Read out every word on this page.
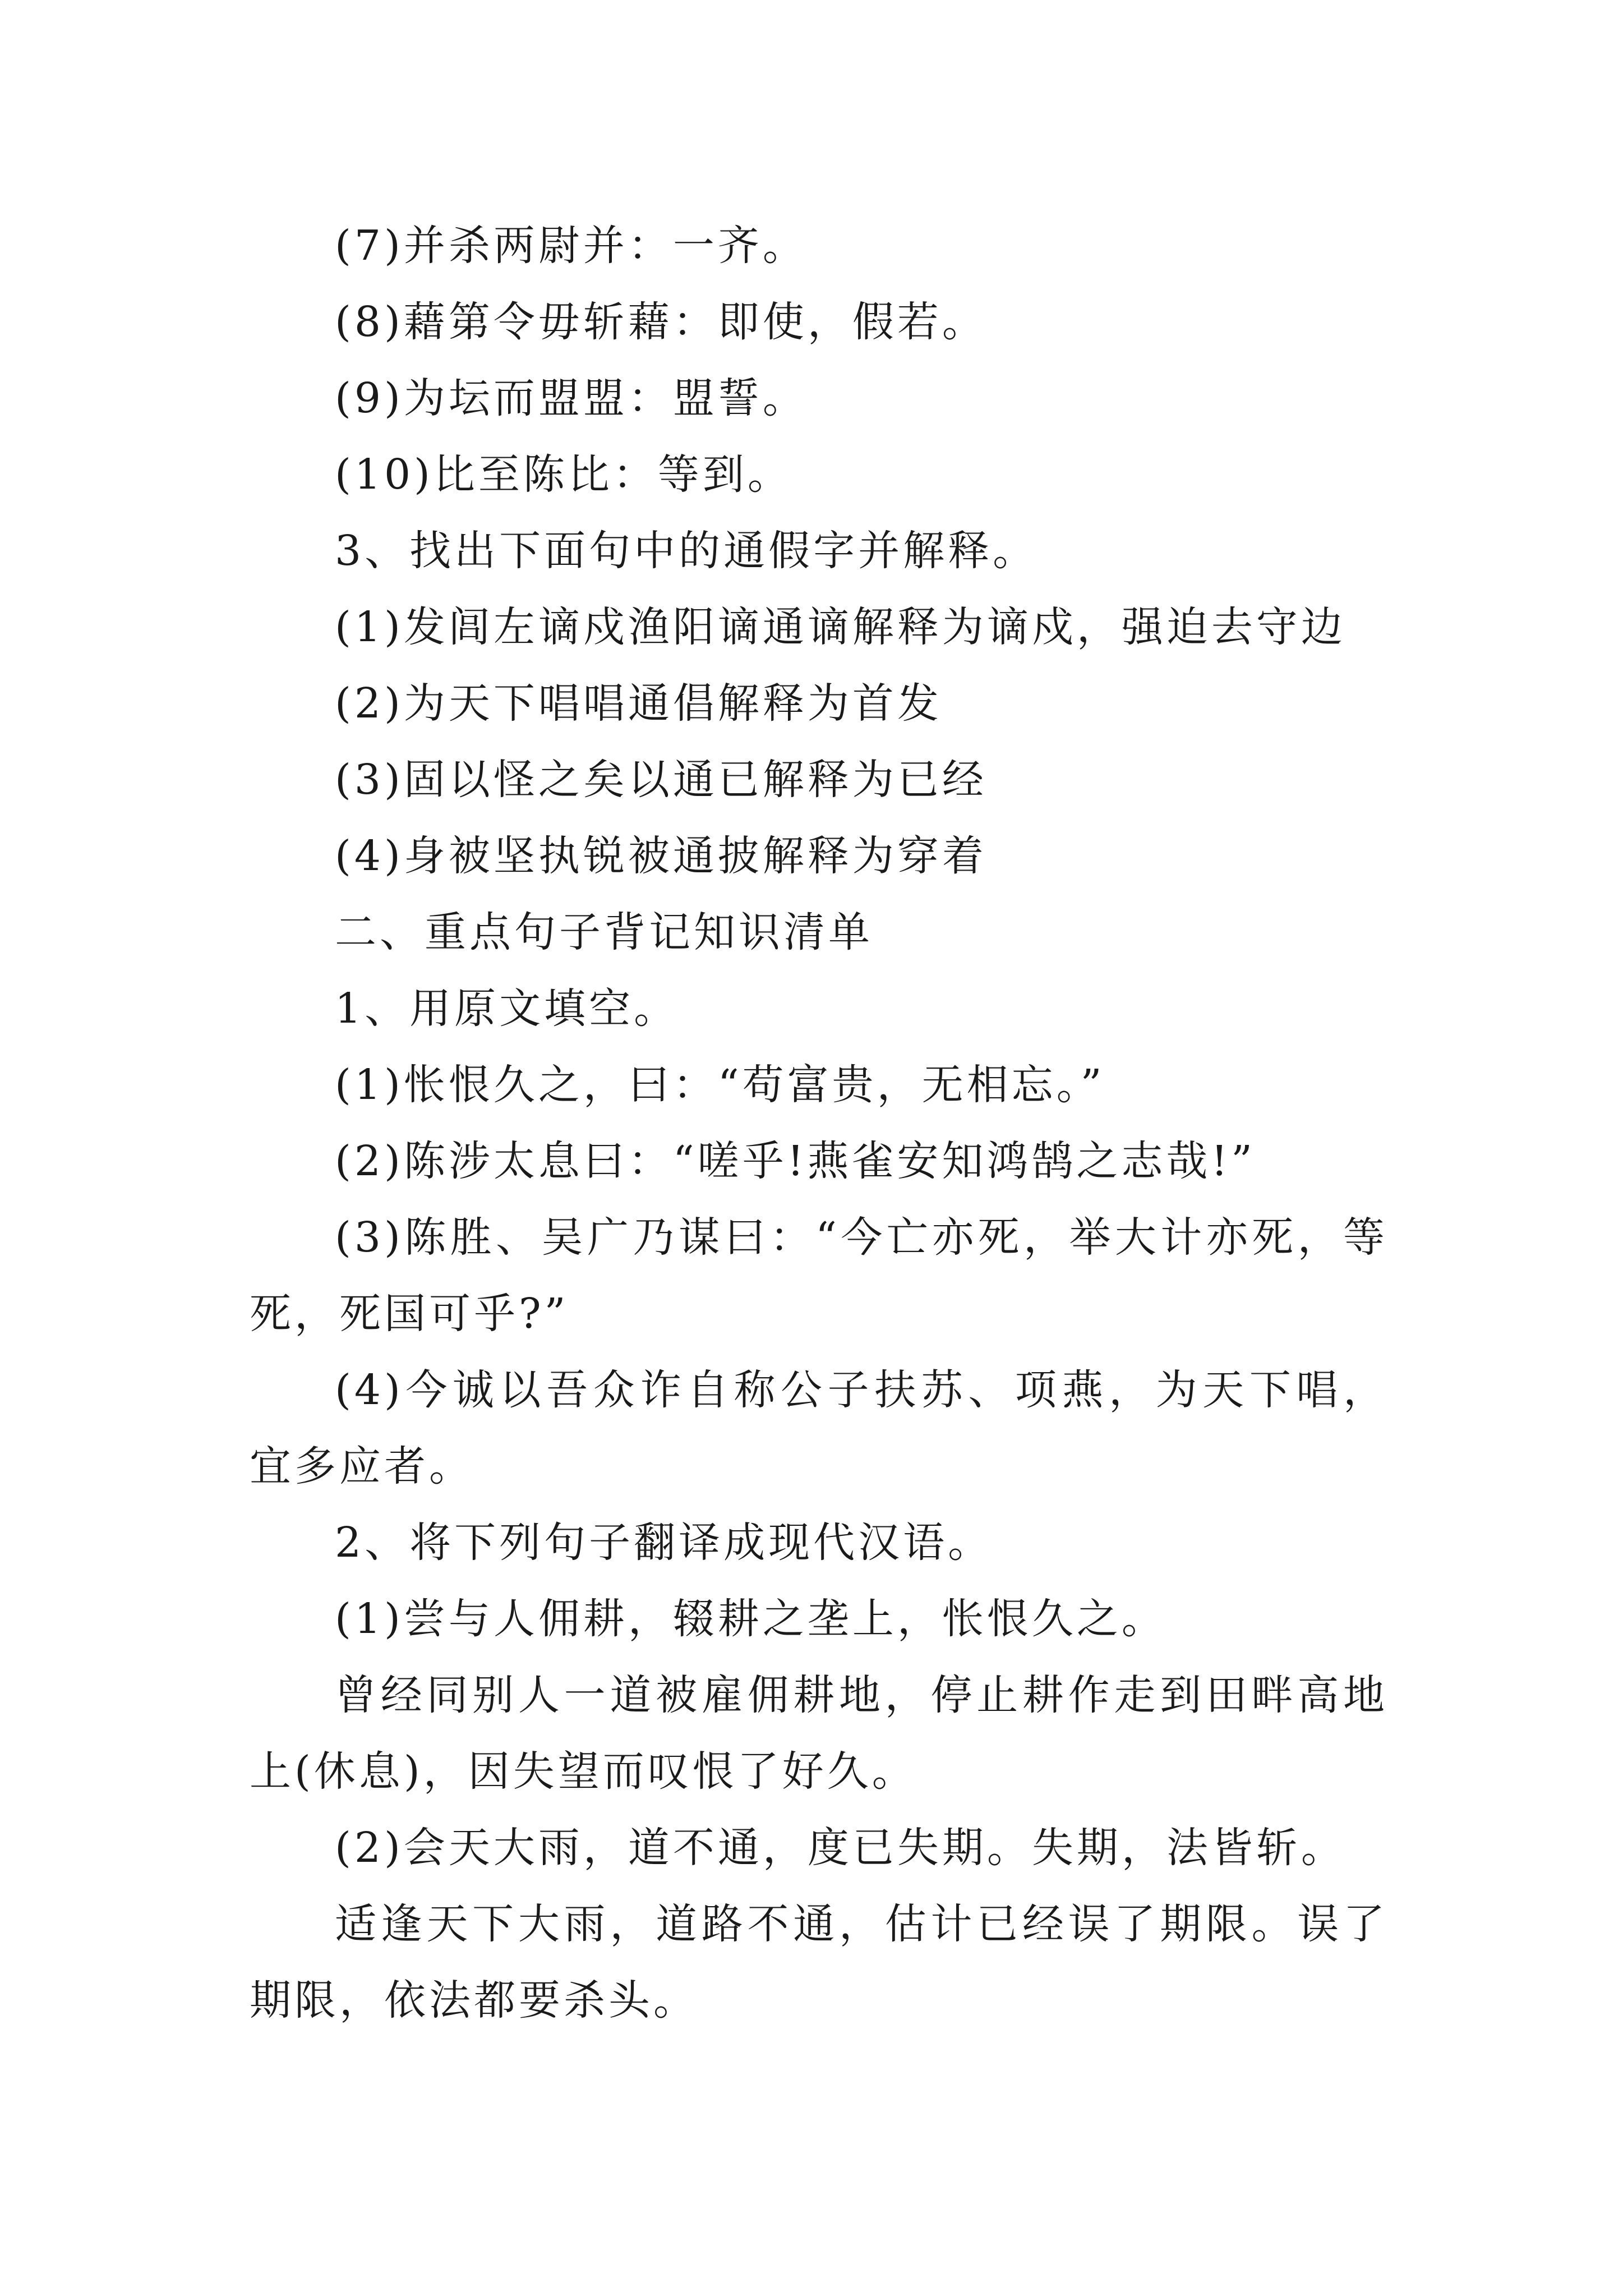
(7)并杀两尉并：一齐。

(8)藉第令毋斩藉：即使，假若。

(9)为坛而盟盟：盟誓。

(10)比至陈比：等到。

3、找出下面句中的通假字并解释。

(1)发闾左谪戍渔阳谪通谪解释为谪戍，强迫去守边

(2)为天下唱唱通倡解释为首发

(3)固以怪之矣以通已解释为已经

(4)身被坚执锐被通披解释为穿着

二、重点句子背记知识清单

1、用原文填空。

(1)怅恨久之，曰：“苟富贵，无相忘。”

(2)陈涉太息曰：“嗟乎!燕雀安知鸿鹄之志哉!”

(3)陈胜、吴广乃谋曰：“今亡亦死，举大计亦死，等死，死国可乎?”

(4)今诚以吾众诈自称公子扶苏、项燕，为天下唱，宜多应者。

2、将下列句子翻译成现代汉语。

(1)尝与人佣耕，辍耕之垄上，怅恨久之。

曾经同别人一道被雇佣耕地，停止耕作走到田畔高地上(休息)，因失望而叹恨了好久。

(2)会天大雨，道不通，度已失期。失期，法皆斩。

适逢天下大雨，道路不通，估计已经误了期限。误了期限，依法都要杀头。
